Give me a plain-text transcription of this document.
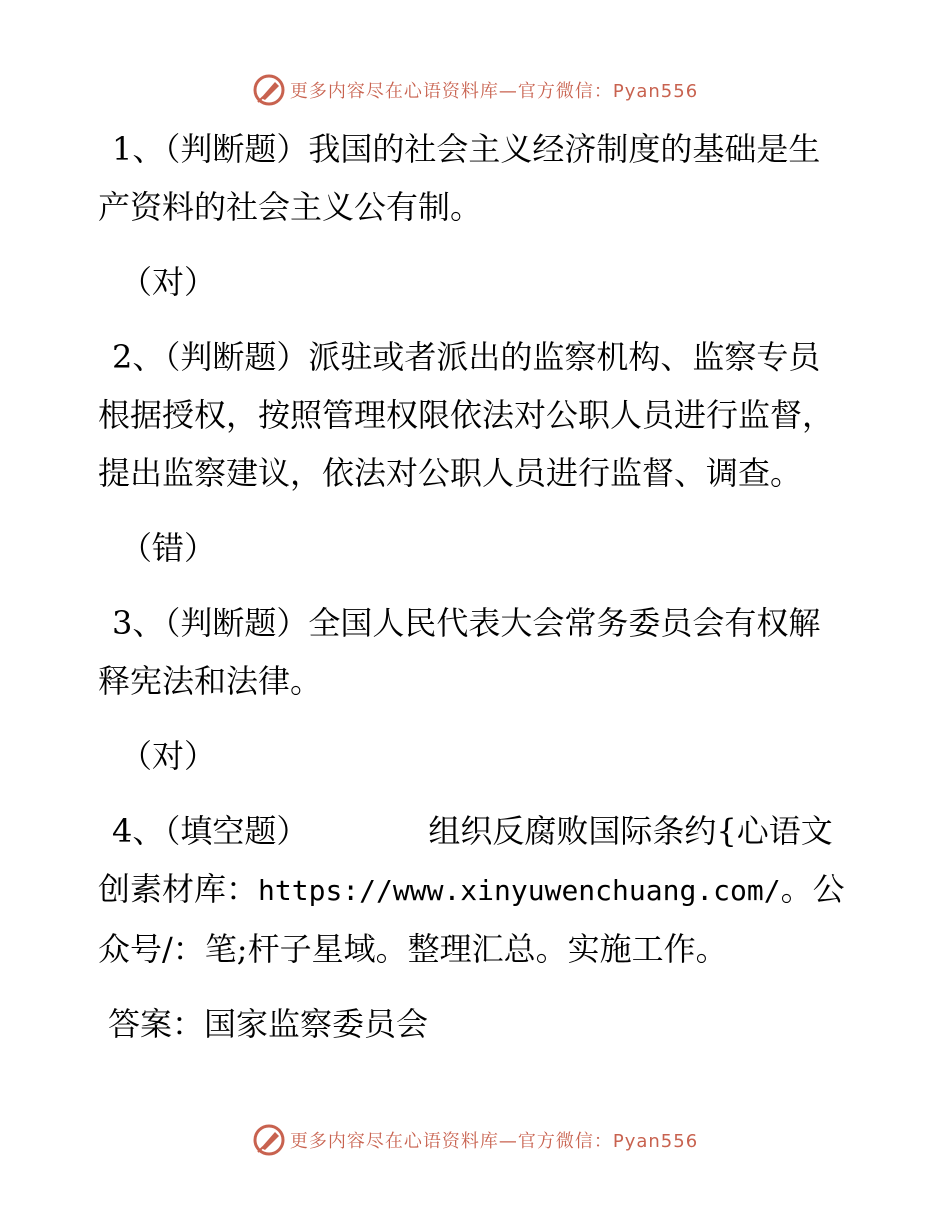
更多内容尽在心语资料库—官方微信：Pyan556

1、（判断题）我国的社会主义经济制度的基础是生产资料的社会主义公有制。

（对）

2、（判断题）派驻或者派出的监察机构、监察专员根据授权，按照管理权限依法对公职人员进行监督，提出监察建议，依法对公职人员进行监督、调查。

（错）

3、（判断题）全国人民代表大会常务委员会有权解释宪法和法律。

（对）

4、（填空题）	组织反腐败国际条约{心语文创素材库：https://www.xinyuwenchuang.com/。公众号/：笔;杆子星域。整理汇总。实施工作。

答案：国家监察委员会

更多内容尽在心语资料库—官方微信：Pyan556
